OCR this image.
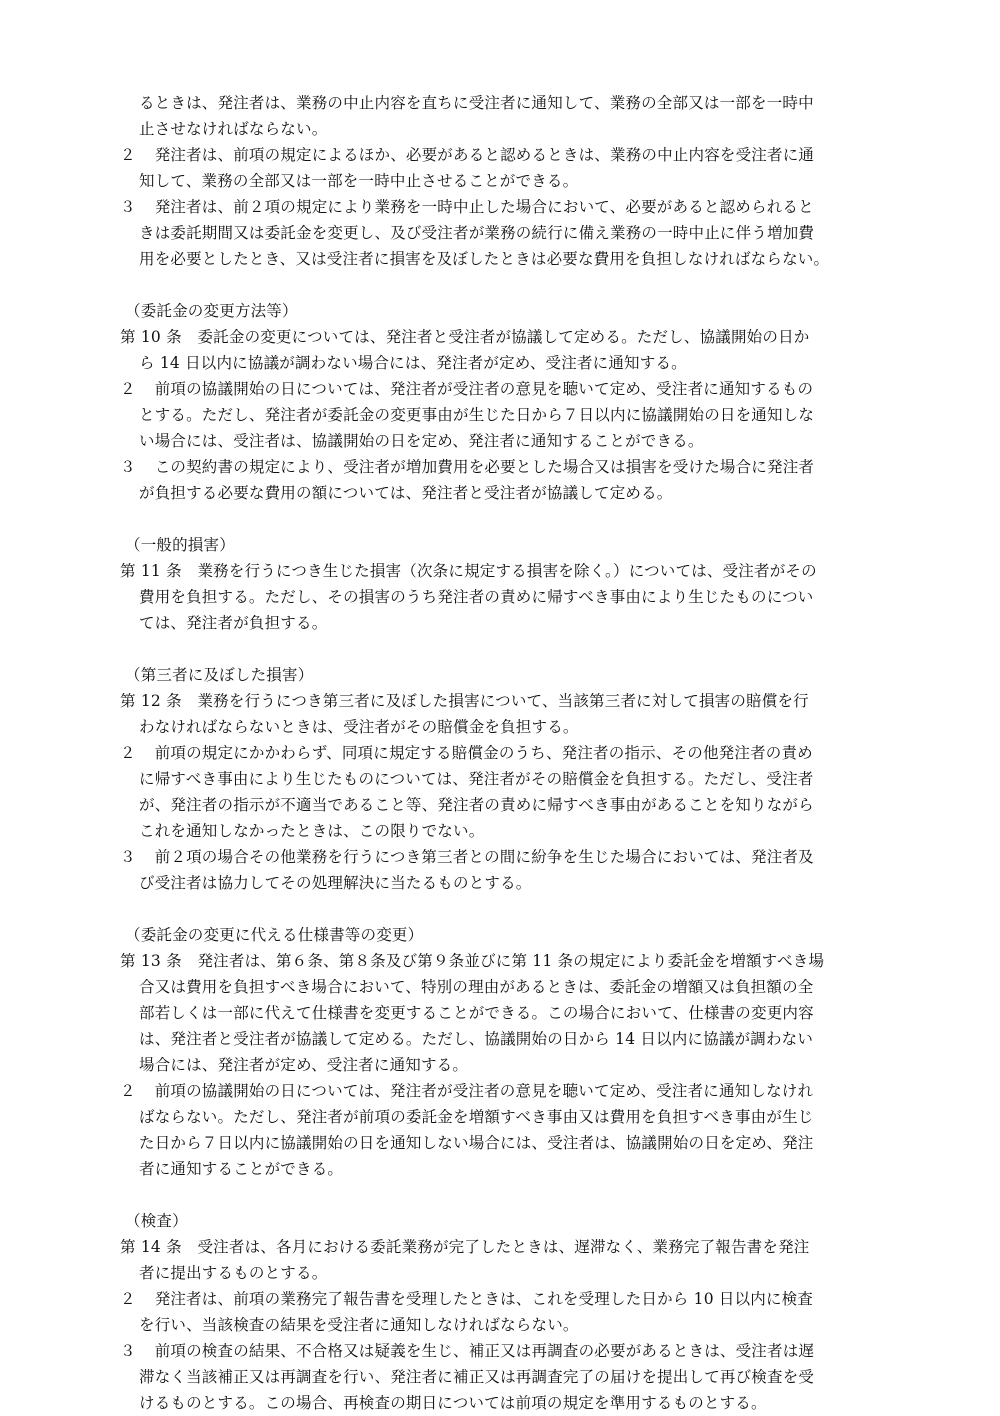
るときは、発注者は、業務の中止内容を直ちに受注者に通知して、業務の全部又は一部を一時中
止させなければならない。
２ 　発注者は、前項の規定によるほか、必要があると認めるときは、業務の中止内容を受注者に通
知して、業務の全部又は一部を一時中止させることができる。
３ 　発注者は、前２項の規定により業務を一時中止した場合において、必要があると認められると
きは委託期間又は委託金を変更し、及び受注者が業務の続行に備え業務の一時中止に伴う増加費
用を必要としたとき、又は受注者に損害を及ぼしたときは必要な費用を負担しなければならない。
（委託金の変更方法等）
第 10 条　委託金の変更については、発注者と受注者が協議して定める。ただし、協議開始の日か
ら 14 日以内に協議が調わない場合には、発注者が定め、受注者に通知する。
２ 　前項の協議開始の日については、発注者が受注者の意見を聴いて定め、受注者に通知するもの
とする。ただし、発注者が委託金の変更事由が生じた日から７日以内に協議開始の日を通知しな
い場合には、受注者は、協議開始の日を定め、発注者に通知することができる。
３ 　この契約書の規定により、受注者が増加費用を必要とした場合又は損害を受けた場合に発注者
が負担する必要な費用の額については、発注者と受注者が協議して定める。
（一般的損害）
第 11 条　業務を行うにつき生じた損害（次条に規定する損害を除く。）については、受注者がその
費用を負担する。ただし、その損害のうち発注者の責めに帰すべき事由により生じたものについ
ては、発注者が負担する。
（第三者に及ぼした損害）
第 12 条　業務を行うにつき第三者に及ぼした損害について、当該第三者に対して損害の賠償を行
わなければならないときは、受注者がその賠償金を負担する。
２ 　前項の規定にかかわらず、同項に規定する賠償金のうち、発注者の指示、その他発注者の責め
に帰すべき事由により生じたものについては、発注者がその賠償金を負担する。ただし、受注者
が、発注者の指示が不適当であること等、発注者の責めに帰すべき事由があることを知りながら
これを通知しなかったときは、この限りでない。
３ 　前２項の場合その他業務を行うにつき第三者との間に紛争を生じた場合においては、発注者及
び受注者は協力してその処理解決に当たるものとする。
（委託金の変更に代える仕様書等の変更）
第 13 条　発注者は、第６条、第８条及び第９条並びに第 11 条の規定により委託金を増額すべき場
合又は費用を負担すべき場合において、特別の理由があるときは、委託金の増額又は負担額の全
部若しくは一部に代えて仕様書を変更することができる。この場合において、仕様書の変更内容
は、発注者と受注者が協議して定める。ただし、協議開始の日から 14 日以内に協議が調わない
場合には、発注者が定め、受注者に通知する。
２ 　前項の協議開始の日については、発注者が受注者の意見を聴いて定め、受注者に通知しなけれ
ばならない。ただし、発注者が前項の委託金を増額すべき事由又は費用を負担すべき事由が生じ
た日から７日以内に協議開始の日を通知しない場合には、受注者は、協議開始の日を定め、発注
者に通知することができる。
（検査）
第 14 条　受注者は、各月における委託業務が完了したときは、遅滞なく、業務完了報告書を発注
者に提出するものとする。
２ 　発注者は、前項の業務完了報告書を受理したときは、これを受理した日から 10 日以内に検査
を行い、当該検査の結果を受注者に通知しなければならない。
３ 　前項の検査の結果、不合格又は疑義を生じ、補正又は再調査の必要があるときは、受注者は遅
滞なく当該補正又は再調査を行い、発注者に補正又は再調査完了の届けを提出して再び検査を受
けるものとする。この場合、再検査の期日については前項の規定を準用するものとする。
